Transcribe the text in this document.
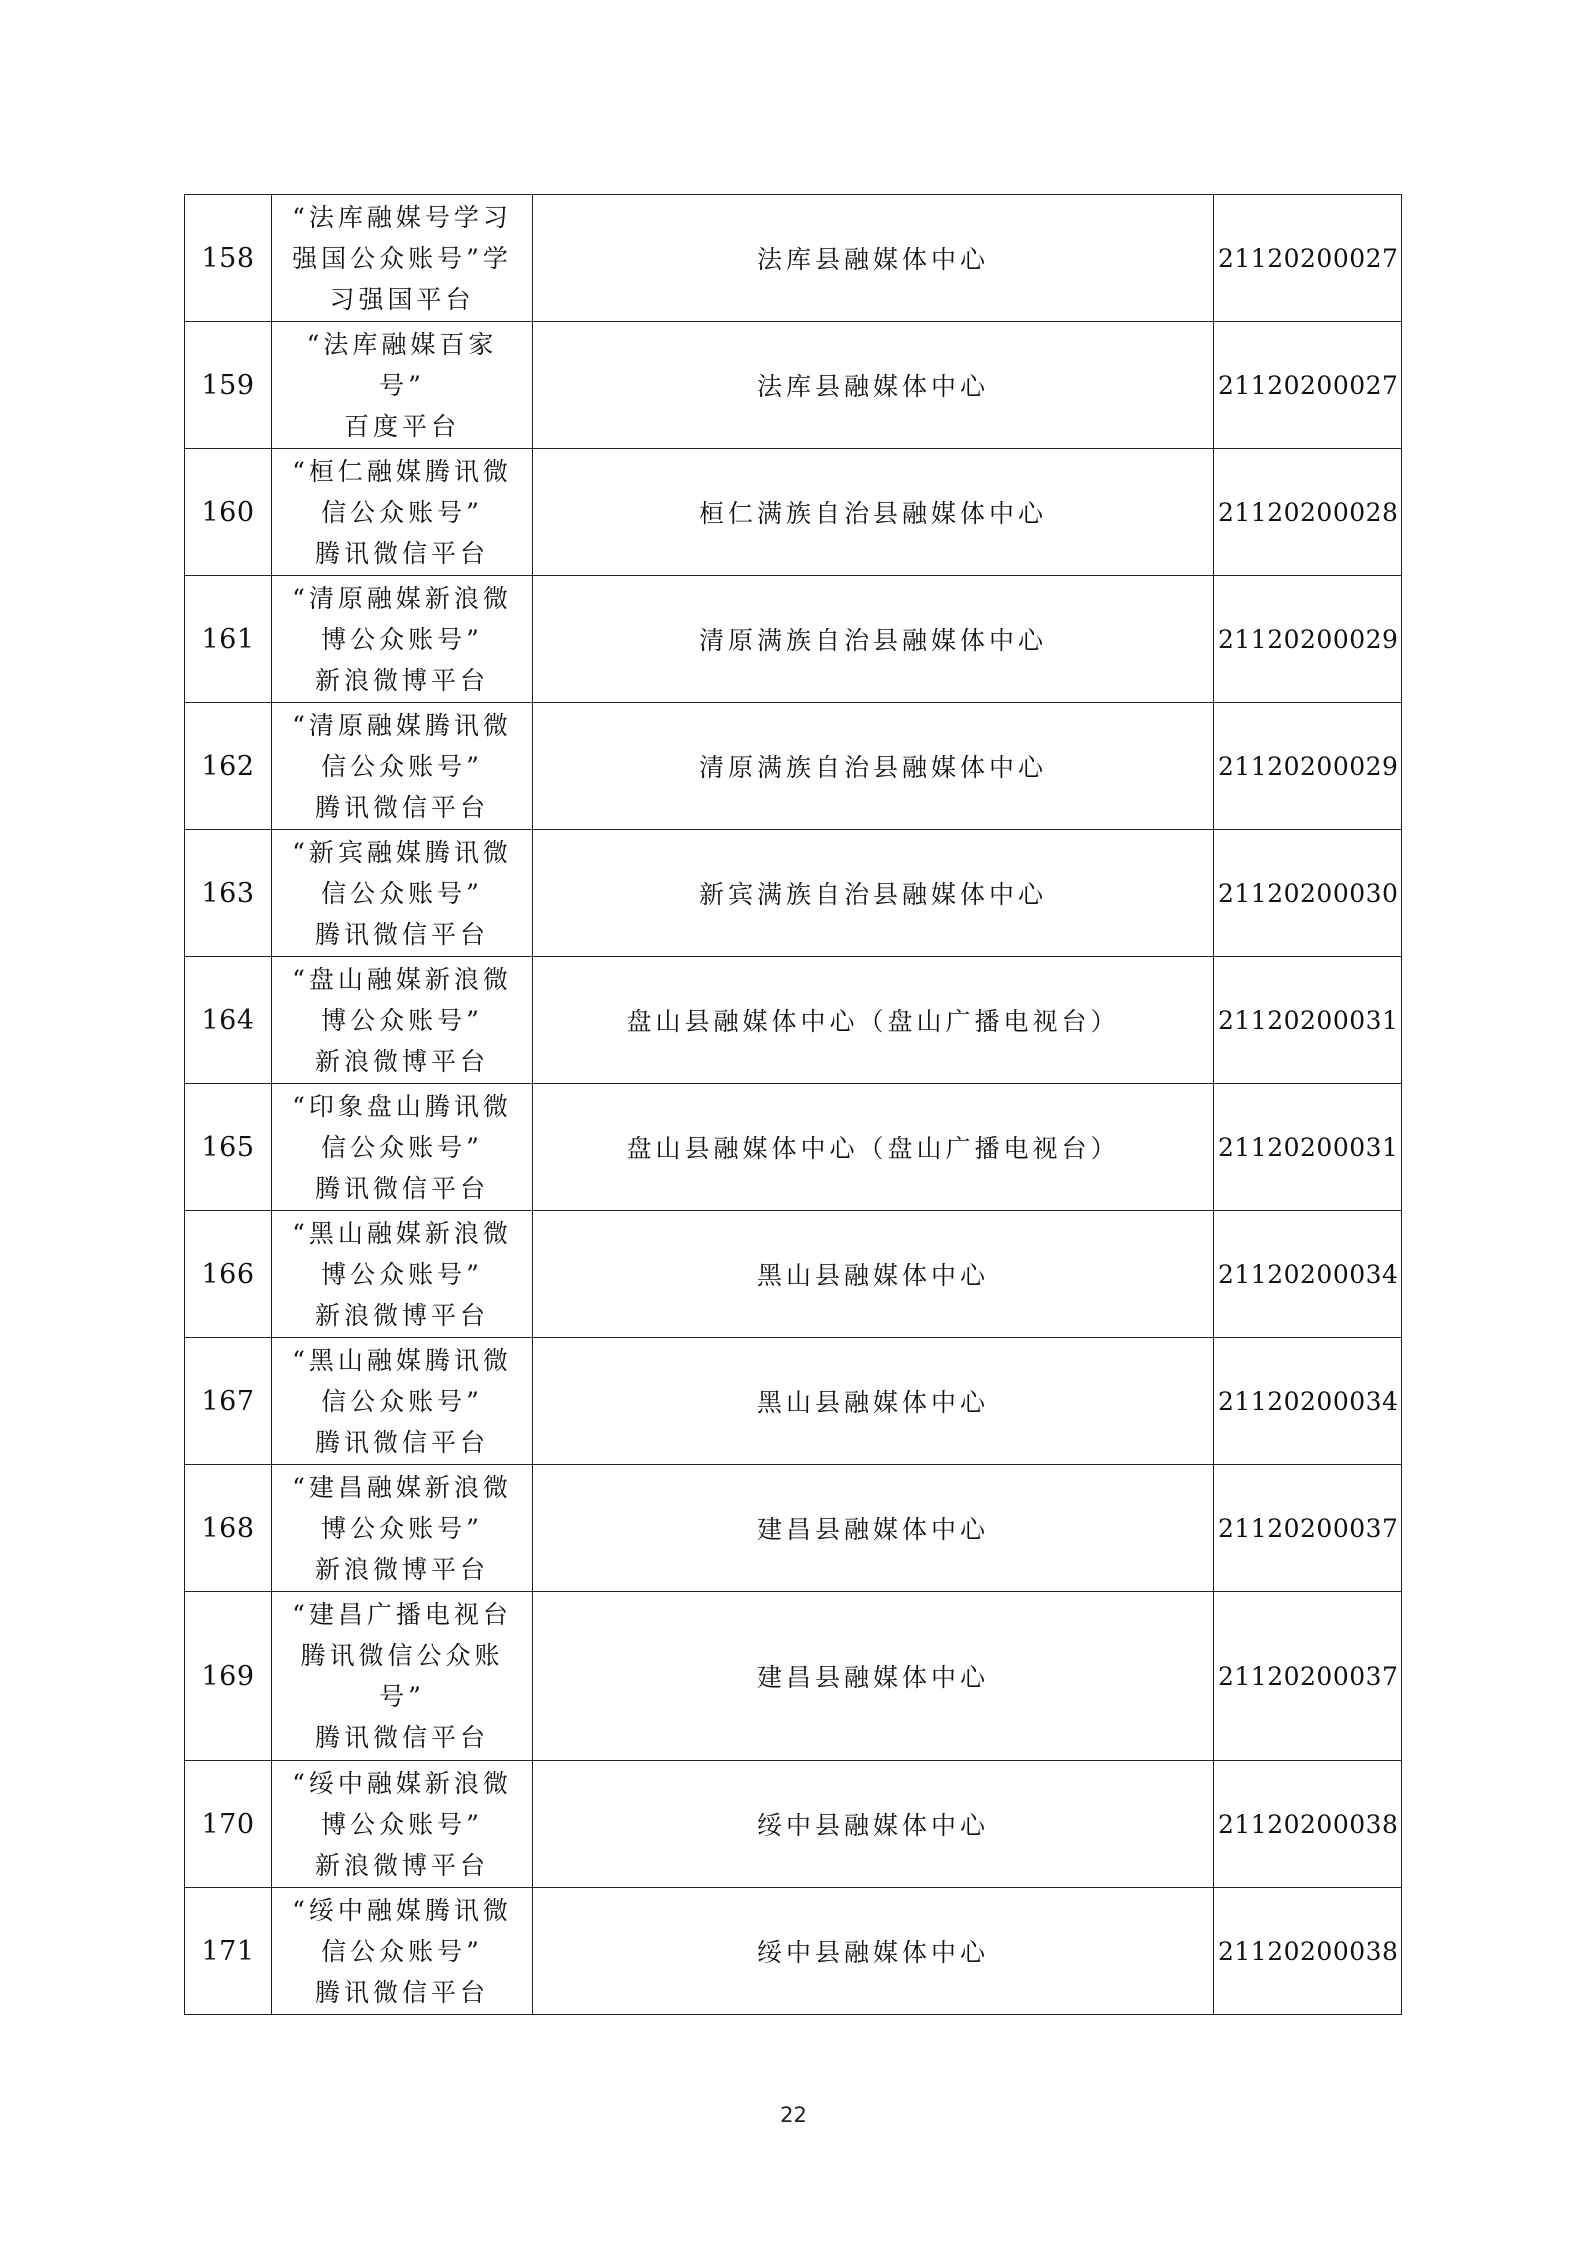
158	“法库融媒号学习
强国公众账号”学
习强国平台	法库县融媒体中心	21120200027
159	“法库融媒百家
号”
百度平台	法库县融媒体中心	21120200027
160	“桓仁融媒腾讯微
信公众账号”
腾讯微信平台	桓仁满族自治县融媒体中心	21120200028
161	“清原融媒新浪微
博公众账号”
新浪微博平台	清原满族自治县融媒体中心	21120200029
162	“清原融媒腾讯微
信公众账号”
腾讯微信平台	清原满族自治县融媒体中心	21120200029
163	“新宾融媒腾讯微
信公众账号”
腾讯微信平台	新宾满族自治县融媒体中心	21120200030
164	“盘山融媒新浪微
博公众账号”
新浪微博平台	盘山县融媒体中心（盘山广播电视台）	21120200031
165	“印象盘山腾讯微
信公众账号”
腾讯微信平台	盘山县融媒体中心（盘山广播电视台）	21120200031
166	“黑山融媒新浪微
博公众账号”
新浪微博平台	黑山县融媒体中心	21120200034
167	“黑山融媒腾讯微
信公众账号”
腾讯微信平台	黑山县融媒体中心	21120200034
168	“建昌融媒新浪微
博公众账号”
新浪微博平台	建昌县融媒体中心	21120200037
169	“建昌广播电视台
腾讯微信公众账
号”
腾讯微信平台	建昌县融媒体中心	21120200037
170	“绥中融媒新浪微
博公众账号”
新浪微博平台	绥中县融媒体中心	21120200038
171	“绥中融媒腾讯微
信公众账号”
腾讯微信平台	绥中县融媒体中心	21120200038
22
